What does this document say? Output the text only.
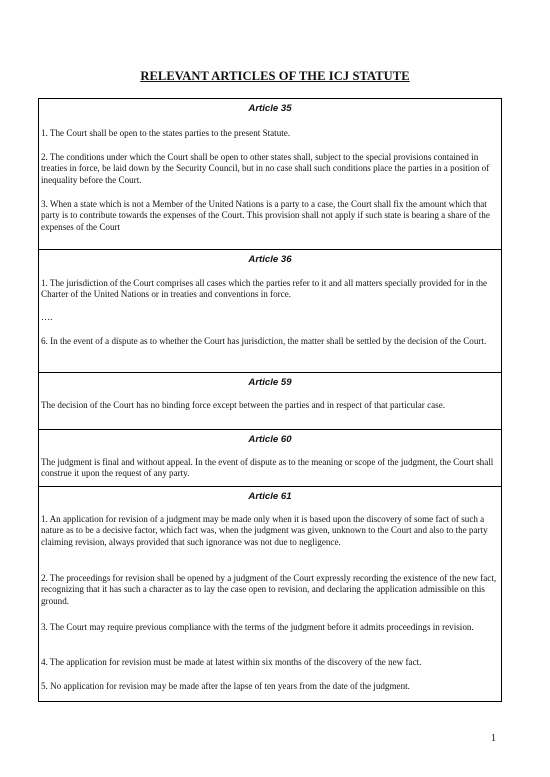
RELEVANT ARTICLES OF THE ICJ STATUTE
Article 35
1. The Court shall be open to the states parties to the present Statute.
2. The conditions under which the Court shall be open to other states shall, subject to the special provisions contained in treaties in force, be laid down by the Security Council, but in no case shall such conditions place the parties in a position of inequality before the Court.
3. When a state which is not a Member of the United Nations is a party to a case, the Court shall fix the amount which that party is to contribute towards the expenses of the Court. This provision shall not apply if such state is bearing a share of the expenses of the Court
Article 36
1. The jurisdiction of the Court comprises all cases which the parties refer to it and all matters specially provided for in the Charter of the United Nations or in treaties and conventions in force.
….
6. In the event of a dispute as to whether the Court has jurisdiction, the matter shall be settled by the decision of the Court.
Article 59
The decision of the Court has no binding force except between the parties and in respect of that particular case.
Article 60
The judgment is final and without appeal. In the event of dispute as to the meaning or scope of the judgment, the Court shall construe it upon the request of any party.
Article 61
1. An application for revision of a judgment may be made only when it is based upon the discovery of some fact of such a nature as to be a decisive factor, which fact was, when the judgment was given, unknown to the Court and also to the party claiming revision, always provided that such ignorance was not due to negligence.
2. The proceedings for revision shall be opened by a judgment of the Court expressly recording the existence of the new fact, recognizing that it has such a character as to lay the case open to revision, and declaring the application admissible on this ground.
3. The Court may require previous compliance with the terms of the judgment before it admits proceedings in revision.
4. The application for revision must be made at latest within six months of the discovery of the new fact.
5. No application for revision may be made after the lapse of ten years from the date of the judgment.
1
